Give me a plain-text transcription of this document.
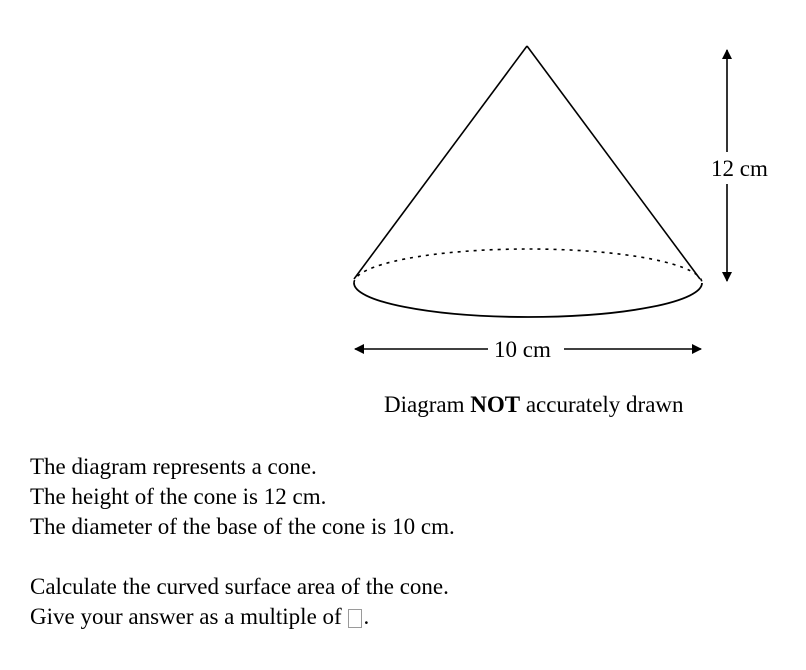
12 cm
10 cm
Diagram NOT accurately drawn

The diagram represents a cone.

The height of the cone is 12 cm.

The diameter of the base of the cone is 10 cm.

Calculate the curved surface area of the cone.

Give your answer as a multiple of .
